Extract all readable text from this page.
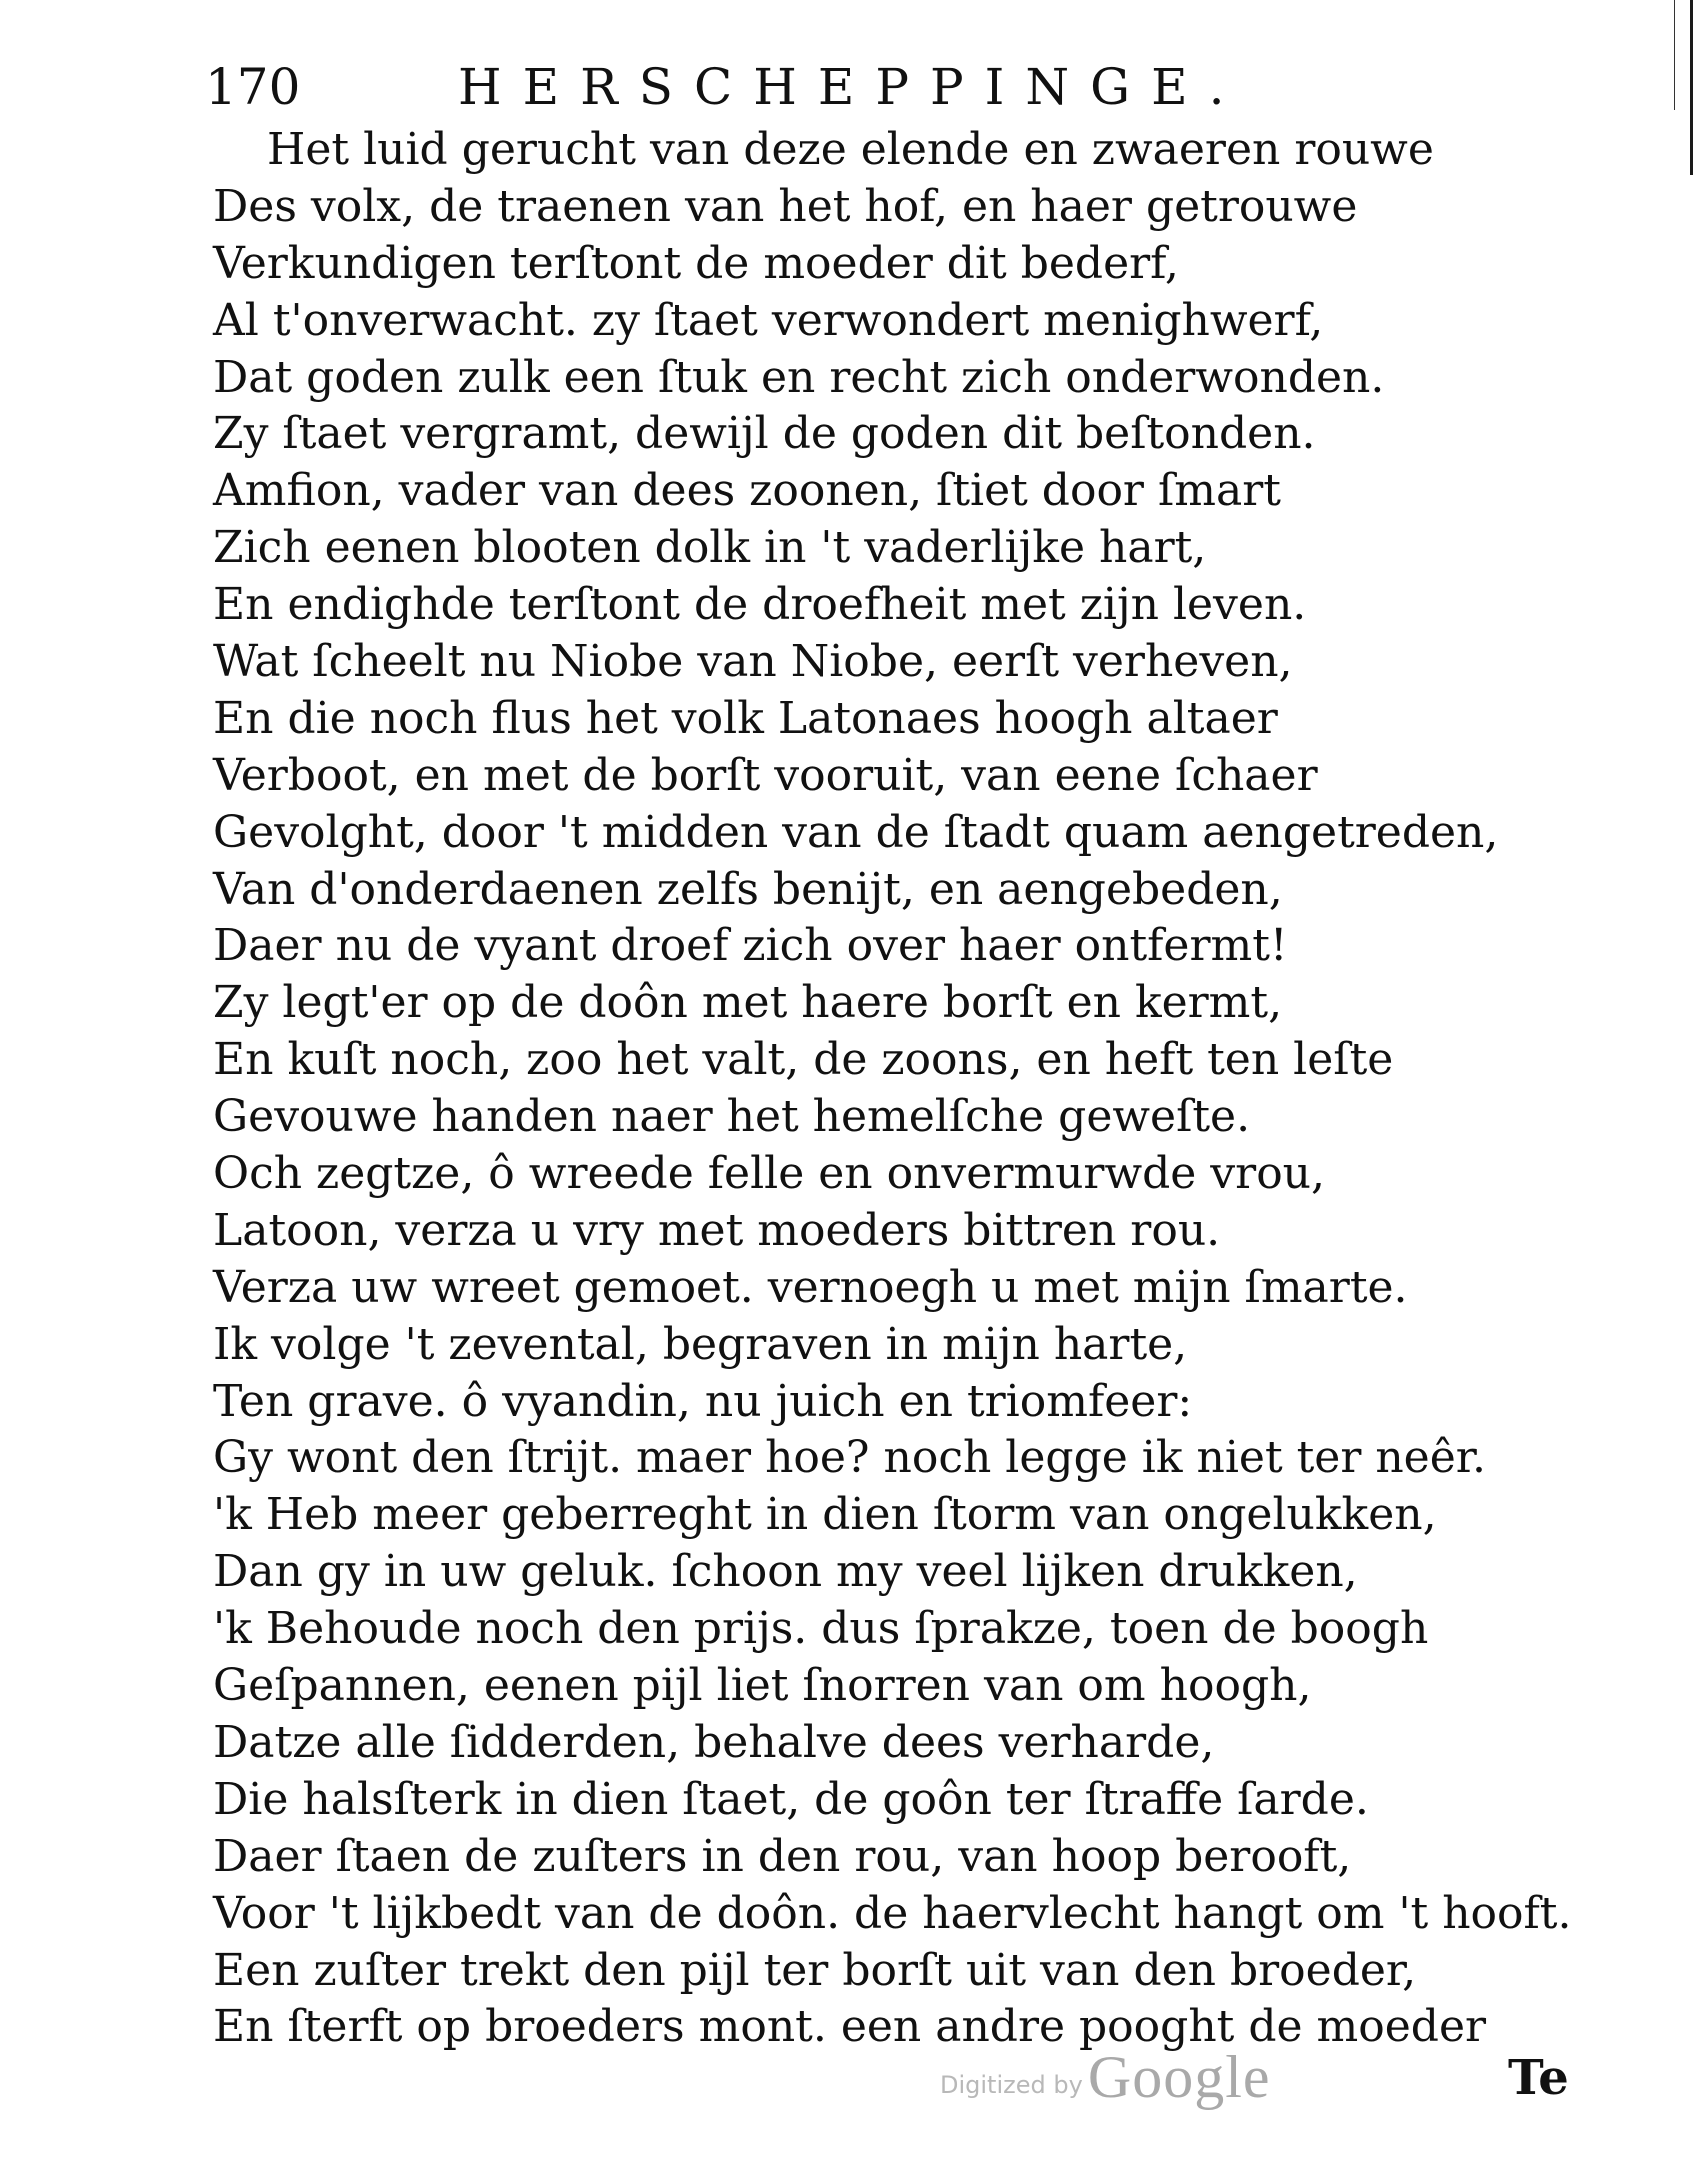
170	HERSCHEPPINGE.
Het luid gerucht van deze elende en zwaeren rouwe
Des volx, de traenen van het hof, en haer getrouwe
Verkundigen terſtont de moeder dit bederf,
Al t'onverwacht. zy ſtaet verwondert menighwerf,
Dat goden zulk een ſtuk en recht zich onderwonden.
Zy ſtaet vergramt, dewijl de goden dit beſtonden.
Amfion, vader van dees zoonen, ſtiet door ſmart
Zich eenen blooten dolk in 't vaderlijke hart,
En endighde terſtont de droefheit met zijn leven.
Wat ſcheelt nu Niobe van Niobe, eerſt verheven,
En die noch flus het volk Latonaes hoogh altaer
Verboot, en met de borſt vooruit, van eene ſchaer
Gevolght, door 't midden van de ſtadt quam aengetreden,
Van d'onderdaenen zelfs benijt, en aengebeden,
Daer nu de vyant droef zich over haer ontfermt!
Zy legt'er op de doôn met haere borſt en kermt,
En kuſt noch, zoo het valt, de zoons, en heft ten leſte
Gevouwe handen naer het hemelſche geweſte.
Och zegtze, ô wreede felle en onvermurwde vrou,
Latoon, verza u vry met moeders bittren rou.
Verza uw wreet gemoet. vernoegh u met mijn ſmarte.
Ik volge 't zevental, begraven in mijn harte,
Ten grave. ô vyandin, nu juich en triomfeer:
Gy wont den ſtrijt. maer hoe? noch legge ik niet ter neêr.
'k Heb meer geberreght in dien ſtorm van ongelukken,
Dan gy in uw geluk. ſchoon my veel lijken drukken,
'k Behoude noch den prijs. dus ſprakze, toen de boogh
Geſpannen, eenen pijl liet ſnorren van om hoogh,
Datze alle ſidderden, behalve dees verharde,
Die halsſterk in dien ſtaet, de goôn ter ſtraffe ſarde.
Daer ſtaen de zuſters in den rou, van hoop berooft,
Voor 't lijkbedt van de doôn. de haervlecht hangt om 't hooft.
Een zuſter trekt den pijl ter borſt uit van den broeder,
En ſterft op broeders mont. een andre pooght de moeder
Digitized by Google	Te
